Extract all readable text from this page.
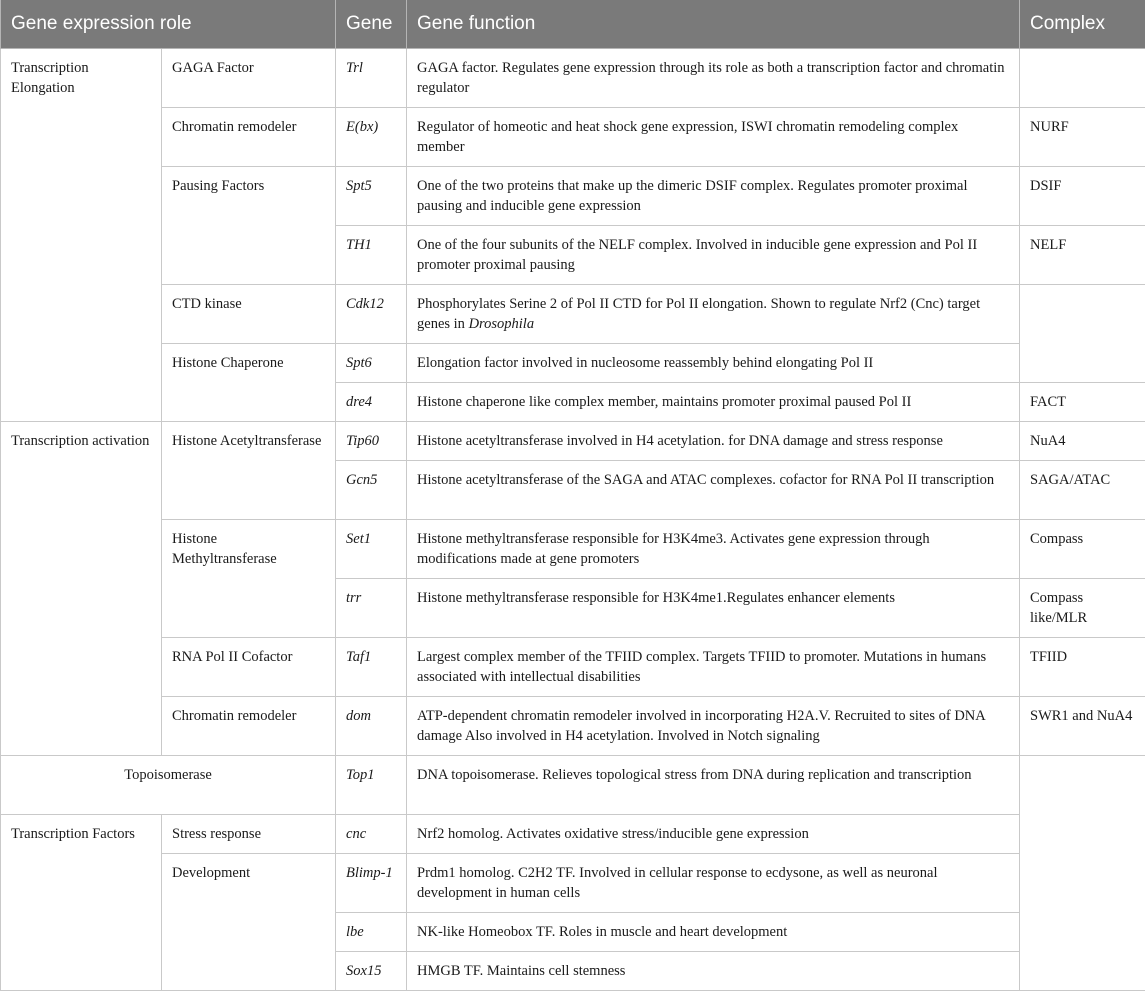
Gene expression role		Gene	Gene function	Complex
Transcription Elongation	GAGA Factor	Trl	GAGA factor. Regulates gene expression through its role as both a transcription factor and chromatin regulator	
	Chromatin remodeler	E(bx)	Regulator of homeotic and heat shock gene expression, ISWI chromatin remodeling complex member	NURF
	Pausing Factors	Spt5	One of the two proteins that make up the dimeric DSIF complex. Regulates promoter proximal pausing and inducible gene expression	DSIF
		TH1	One of the four subunits of the NELF complex. Involved in inducible gene expression and Pol II promoter proximal pausing	NELF
	CTD kinase	Cdk12	Phosphorylates Serine 2 of Pol II CTD for Pol II elongation. Shown to regulate Nrf2 (Cnc) target genes in Drosophila	
	Histone Chaperone	Spt6	Elongation factor involved in nucleosome reassembly behind elongating Pol II	
		dre4	Histone chaperone like complex member, maintains promoter proximal paused Pol II	FACT
Transcription activation	Histone Acetyltransferase	Tip60	Histone acetyltransferase involved in H4 acetylation. for DNA damage and stress response	NuA4
		Gcn5	Histone acetyltransferase of the SAGA and ATAC complexes. cofactor for RNA Pol II transcription	SAGA/ATAC
	Histone Methyltransferase	Set1	Histone methyltransferase responsible for H3K4me3. Activates gene expression through modifications made at gene promoters	Compass
		trr	Histone methyltransferase responsible for H3K4me1.Regulates enhancer elements	Compass like/MLR
	RNA Pol II Cofactor	Taf1	Largest complex member of the TFIID complex. Targets TFIID to promoter. Mutations in humans associated with intellectual disabilities	TFIID
	Chromatin remodeler	dom	ATP-dependent chromatin remodeler involved in incorporating H2A.V. Recruited to sites of DNA damage Also involved in H4 acetylation. Involved in Notch signaling	SWR1 and NuA4
Topoisomerase		Top1	DNA topoisomerase. Relieves topological stress from DNA during replication and transcription	
Transcription Factors	Stress response	cnc	Nrf2 homolog. Activates oxidative stress/inducible gene expression	
	Development	Blimp-1	Prdm1 homolog. C2H2 TF. Involved in cellular response to ecdysone, as well as neuronal development in human cells	
		lbe	NK-like Homeobox TF. Roles in muscle and heart development	
		Sox15	HMGB TF. Maintains cell stemness	
